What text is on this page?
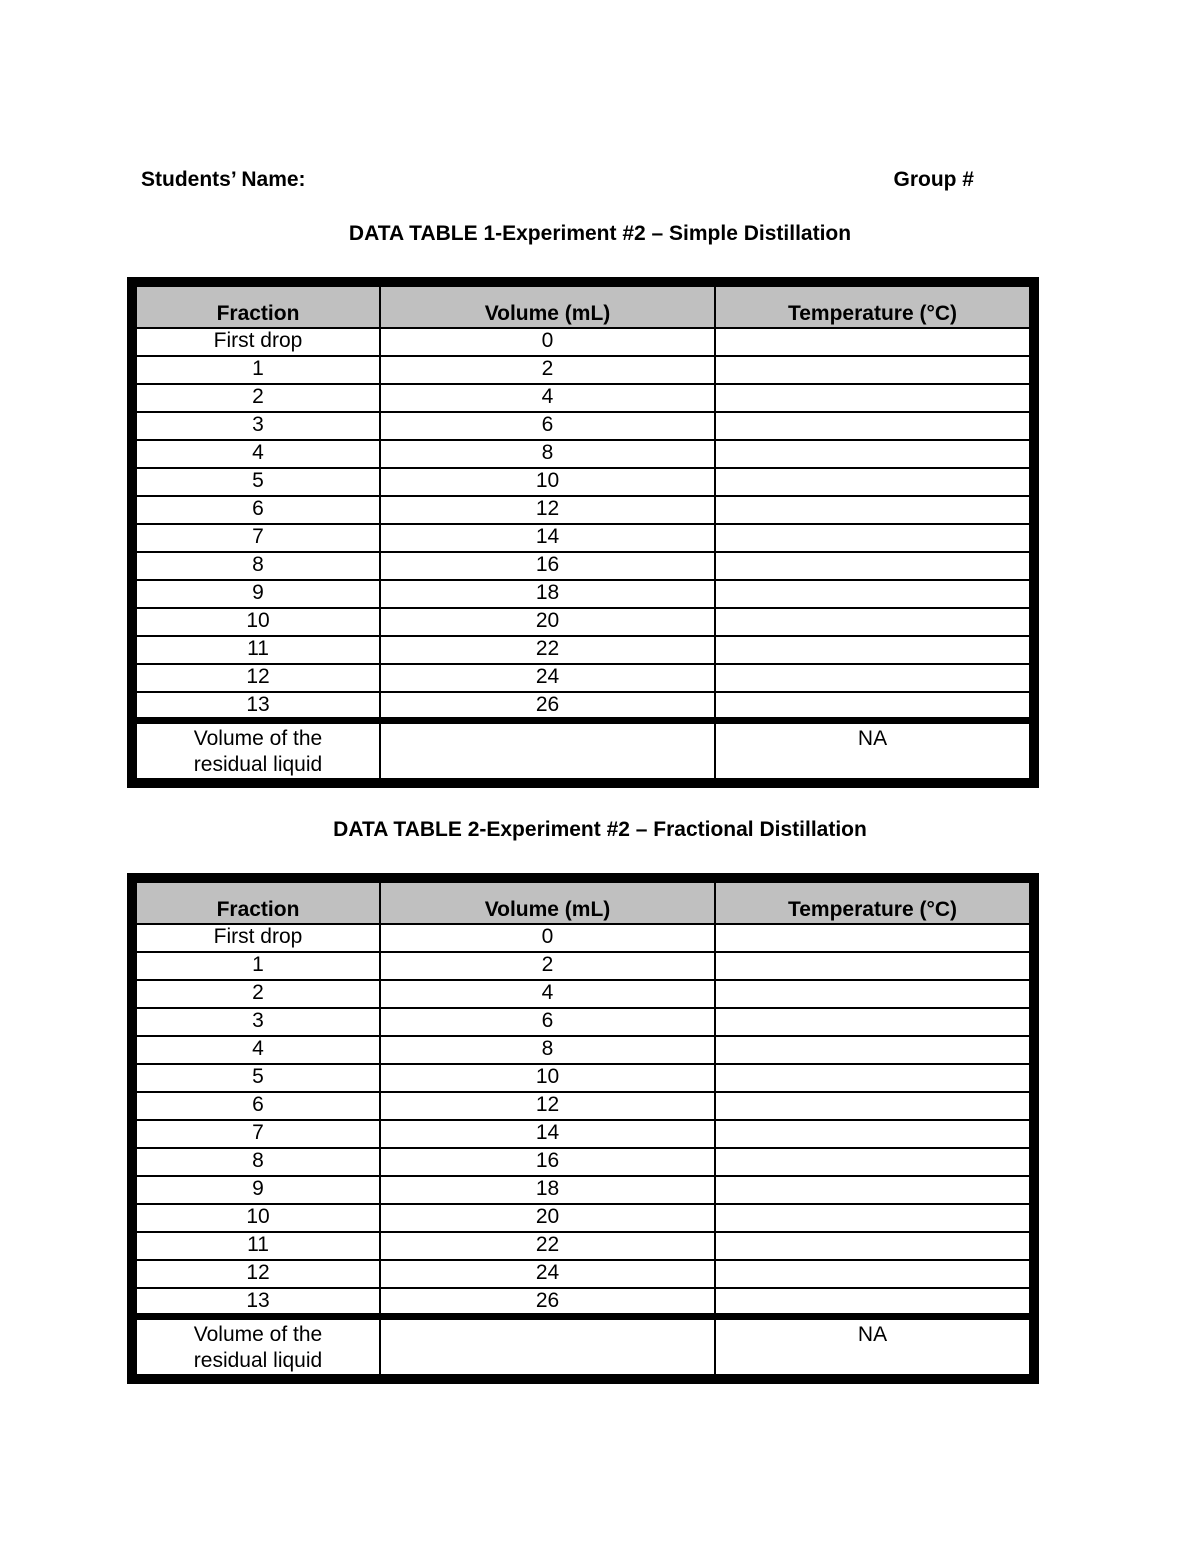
Students’ Name:	Group #
DATA TABLE 1-Experiment #2 – Simple Distillation
Fraction	Volume (mL)	Temperature (°C)
First drop	0	
1	2	
2	4	
3	6	
4	8	
5	10	
6	12	
7	14	
8	16	
9	18	
10	20	
11	22	
12	24	
13	26	
Volume of the residual liquid		NA
DATA TABLE 2-Experiment #2 – Fractional Distillation
Fraction	Volume (mL)	Temperature (°C)
First drop	0	
1	2	
2	4	
3	6	
4	8	
5	10	
6	12	
7	14	
8	16	
9	18	
10	20	
11	22	
12	24	
13	26	
Volume of the residual liquid		NA
